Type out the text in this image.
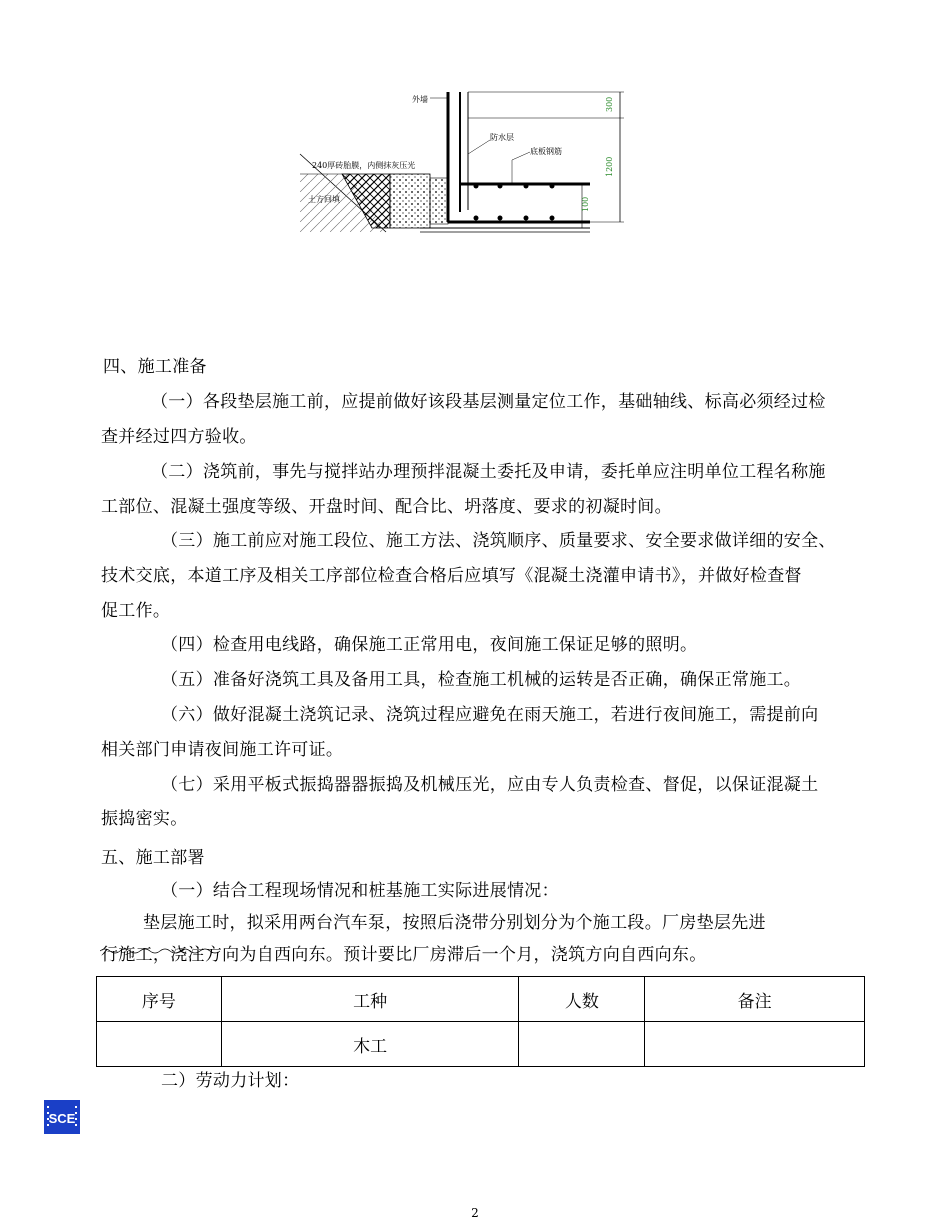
外墙
防水层
底板钢筋
240厚砖胎膜，内侧抹灰压光
土方回填
300
1200
100
四、施工准备
（一）各段垫层施工前，应提前做好该段基层测量定位工作，基础轴线、标高必须经过检
查并经过四方验收。
（二）浇筑前，事先与搅拌站办理预拌混凝土委托及申请，委托单应注明单位工程名称施
工部位、混凝土强度等级、开盘时间、配合比、坍落度、要求的初凝时间。
（三）施工前应对施工段位、施工方法、浇筑顺序、质量要求、安全要求做详细的安全、
技术交底，本道工序及相关工序部位检查合格后应填写《混凝土浇灌申请书》，并做好检查督
促工作。
（四）检查用电线路，确保施工正常用电，夜间施工保证足够的照明。
（五）准备好浇筑工具及备用工具，检查施工机械的运转是否正确，确保正常施工。
（六）做好混凝土浇筑记录、浇筑过程应避免在雨天施工，若进行夜间施工，需提前向
相关部门申请夜间施工许可证。
（七）采用平板式振捣器器振捣及机械压光，应由专人负责检查、督促，以保证混凝土
振捣密实。
五、施工部署
（一）结合工程现场情况和桩基施工实际进展情况：
垫层施工时，拟采用两台汽车泵，按照后浇带分别划分为个施工段。厂房垫层先进
行施工，浇注方向为自西向东。预计要比厂房滞后一个月，浇筑方向自西向东。
序号	工种	人数	备注
	木工		
二）劳动力计划：
SCE
2
